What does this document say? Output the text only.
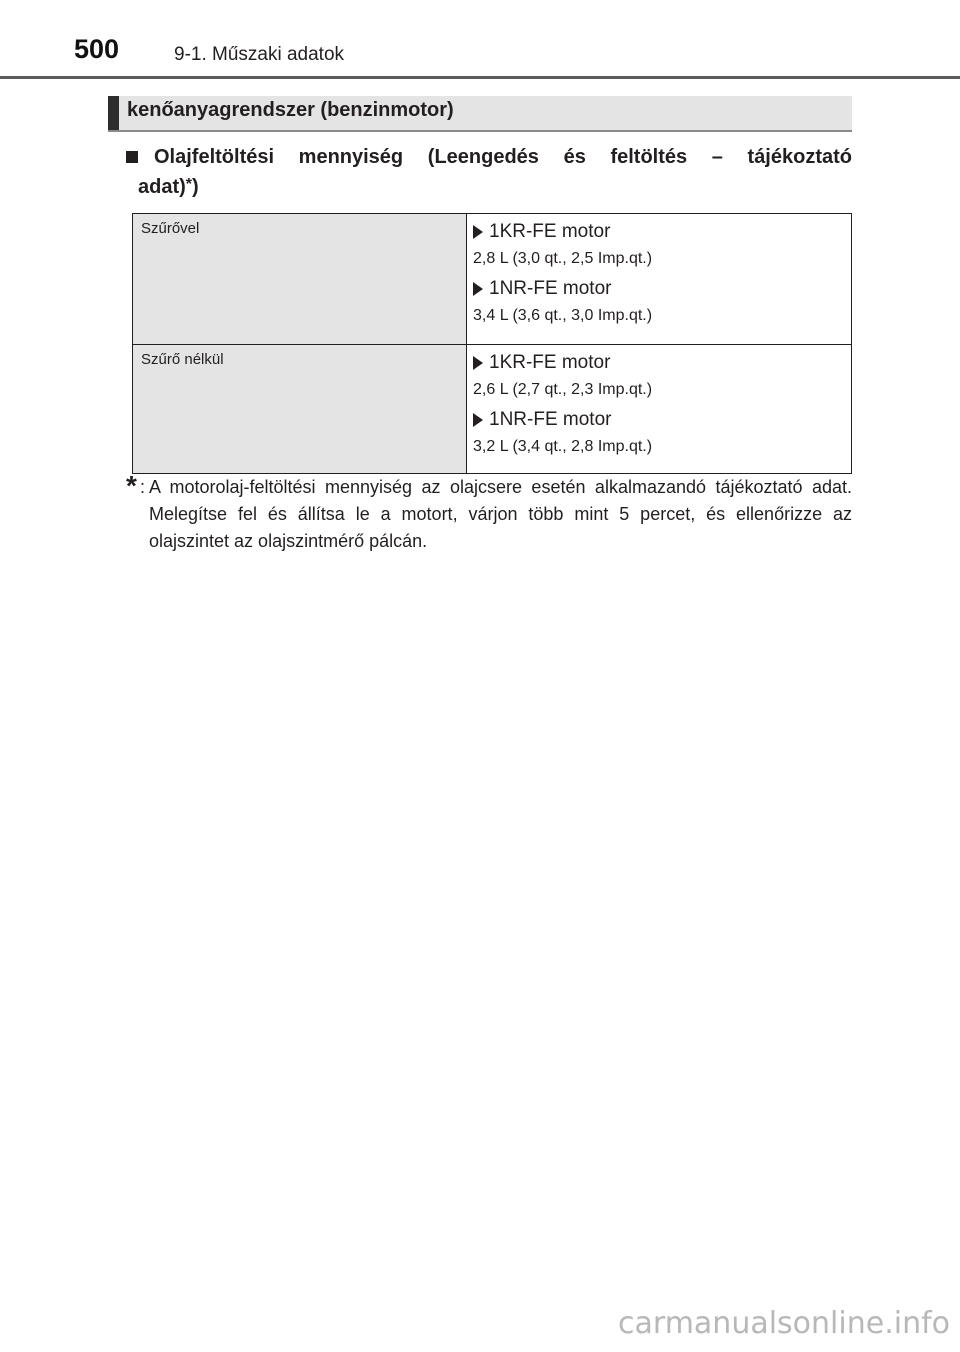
500	9-1. Műszaki adatok
kenőanyagrendszer (benzinmotor)
Olajfeltöltési mennyiség (Leengedés és feltöltés – tájékoztató
adat)*)
Szűrővel	1KR-FE motor
2,8 L (3,0 qt., 2,5 Imp.qt.)
1NR-FE motor
3,4 L (3,6 qt., 3,0 Imp.qt.)

Szűrő nélkül	1KR-FE motor
2,6 L (2,7 qt., 2,3 Imp.qt.)
1NR-FE motor
3,2 L (3,4 qt., 2,8 Imp.qt.)
* : A motorolaj-feltöltési mennyiség az olajcsere esetén alkalmazandó tájékoztató adat. Melegítse fel és állítsa le a motort, várjon több mint 5 percet, és ellenőrizze az olajszintet az olajszintmérő pálcán.
carmanualsonline.info
